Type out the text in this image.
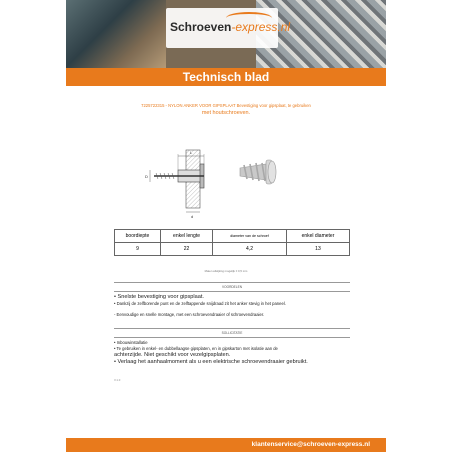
Schroeven-express.nl
Technisch blad
7225722315 - NYLON ANKER VOOR GIPSPLAAT Bevestiging voor gipsplaat, te gebruiken
met houtschroeven.
L
D
d
boordiepte	enkel lengte	diameter van de schroef	enkel diameter
9	22	4,2	13
Maten afwijking mogelijk ± 0,5 mm
VOORDELEN
• Snelste bevestiging voor gipsplaat.
• Dankzij de zelfborende punt en de zelftappende snijdraad zit het anker stevig in het paneel.
- Eenvoudige en snelle montage, met een schroevendraaier of schroevendraaier.
SOLLICITATIE
• Inbouwinstallatie
• Te gebruiken in enkel- en dubbellaagse gipsplaten, en in gipskarton met isolatie aan de
achterzijde. Niet geschikt voor vezelgipsplaten.
• Verlaag het aanhaalmoment als u een elektrische schroevendraaier gebruikt.
V.1.0
klantenservice@schroeven-express.nl
